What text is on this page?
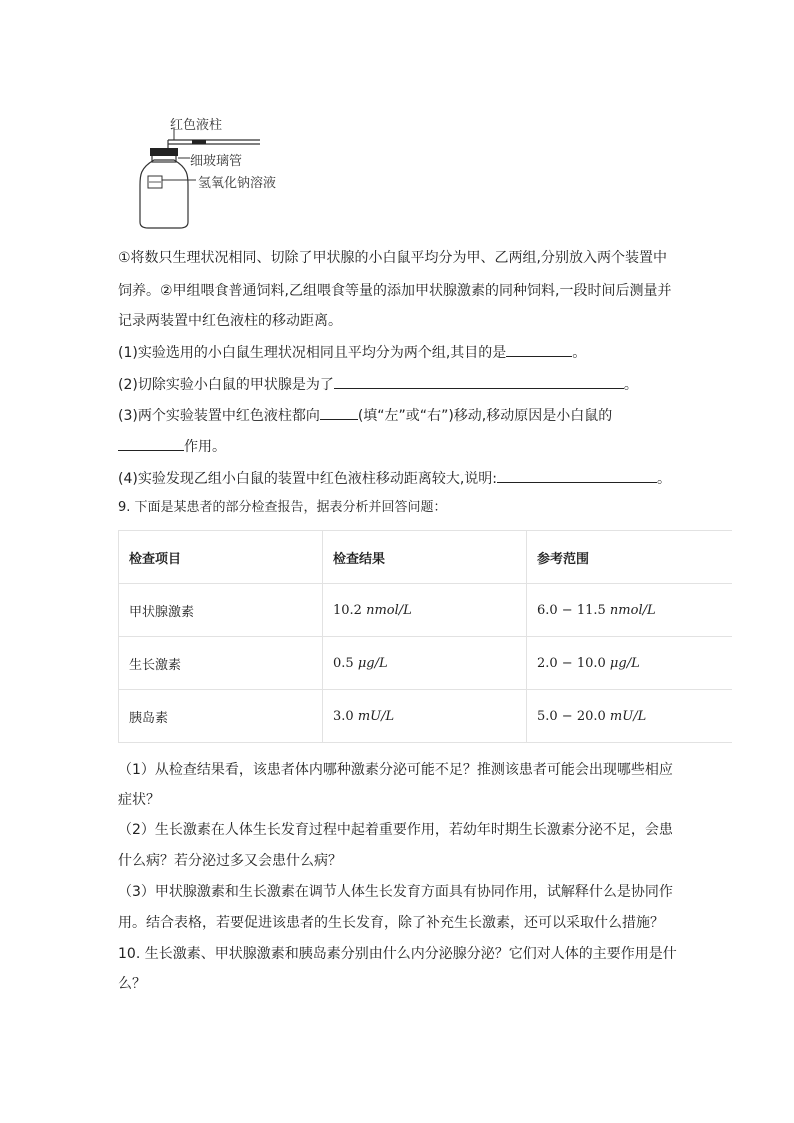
红色液柱
细玻璃管
氢氧化钠溶液
①将数只生理状况相同、切除了甲状腺的小白鼠平均分为甲、乙两组,分别放入两个装置中
饲养。②甲组喂食普通饲料,乙组喂食等量的添加甲状腺激素的同种饲料,一段时间后测量并
记录两装置中红色液柱的移动距离。
(1)实验选用的小白鼠生理状况相同且平均分为两个组,其目的是	。
(2)切除实验小白鼠的甲状腺是为了	。
(3)两个实验装置中红色液柱都向	(填“左”或“右”)移动,移动原因是小白鼠的
作用。
(4)实验发现乙组小白鼠的装置中红色液柱移动距离较大,说明:	。
9. 下面是某患者的部分检查报告，据表分析并回答问题：
检查项目	检查结果	参考范围
甲状腺激素	10.2 nmol/L	6.0 − 11.5 nmol/L
生长激素	0.5 μg/L	2.0 − 10.0 μg/L
胰岛素	3.0 mU/L	5.0 − 20.0 mU/L
（1）从检查结果看，该患者体内哪种激素分泌可能不足？推测该患者可能会出现哪些相应
症状？
（2）生长激素在人体生长发育过程中起着重要作用，若幼年时期生长激素分泌不足，会患
什么病？若分泌过多又会患什么病？
（3）甲状腺激素和生长激素在调节人体生长发育方面具有协同作用，试解释什么是协同作
用。结合表格，若要促进该患者的生长发育，除了补充生长激素，还可以采取什么措施？
10. 生长激素、甲状腺激素和胰岛素分别由什么内分泌腺分泌？它们对人体的主要作用是什
么？
